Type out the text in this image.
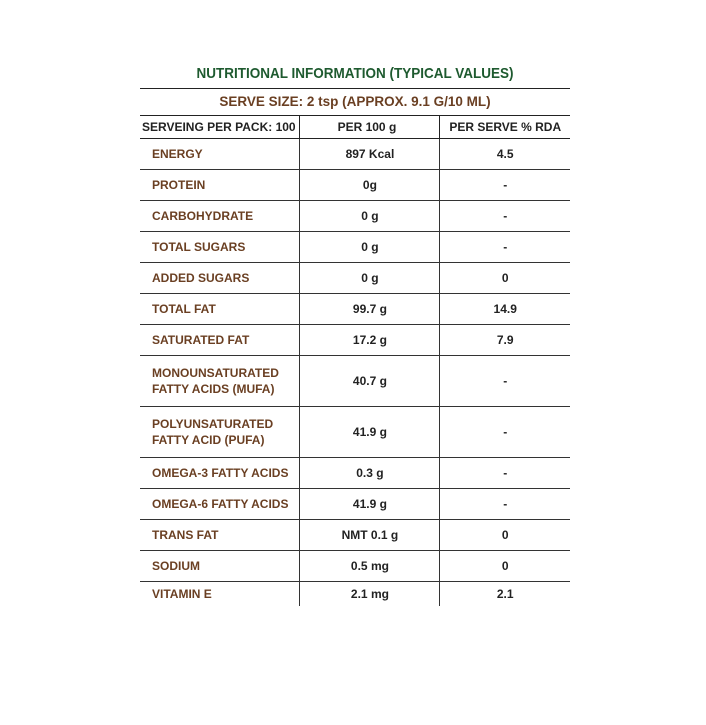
NUTRITIONAL INFORMATION (TYPICAL VALUES)
SERVE SIZE: 2 tsp (APPROX. 9.1 G/10 ML)
SERVEING PER PACK: 100	PER 100 g	PER SERVE % RDA
ENERGY	897 Kcal	4.5
PROTEIN	0g	-
CARBOHYDRATE	0 g	-
TOTAL SUGARS	0 g	-
ADDED SUGARS	0 g	0
TOTAL FAT	99.7 g	14.9
SATURATED FAT	17.2 g	7.9
MONOUNSATURATED FATTY ACIDS (MUFA)	40.7 g	-
POLYUNSATURATED FATTY ACID (PUFA)	41.9 g	-
OMEGA-3 FATTY ACIDS	0.3 g	-
OMEGA-6 FATTY ACIDS	41.9 g	-
TRANS FAT	NMT 0.1 g	0
SODIUM	0.5 mg	0
VITAMIN E	2.1 mg	2.1
